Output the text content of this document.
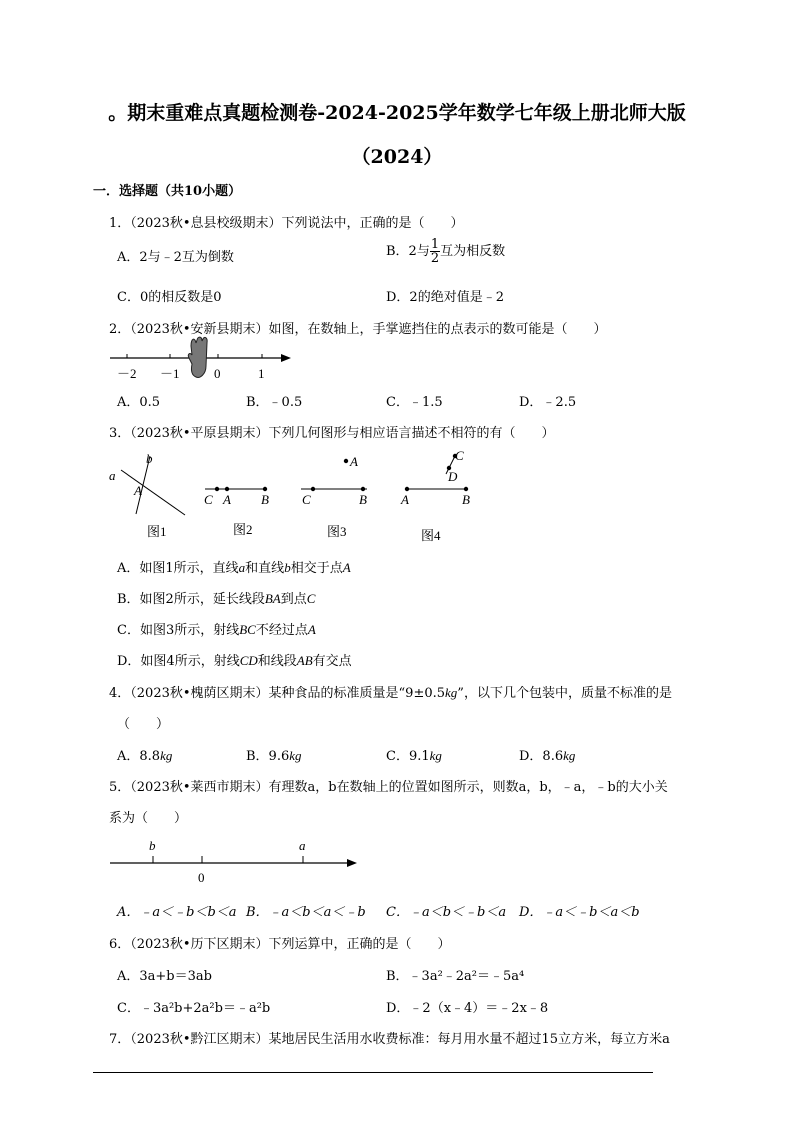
。期末重难点真题检测卷-2024-2025学年数学七年级上册北师大版
（2024）
一．选择题（共10小题）
1．（2023秋•息县校级期末）下列说法中，正确的是（　　）
A．2与﹣2互为倒数	B．2与 $\frac{1}{2}$ 互为相反数
C．0的相反数是0	D．2的绝对值是﹣2
2．（2023秋•安新县期末）如图，在数轴上，手掌遮挡住的点表示的数可能是（　　）
－2 －1	0	1
A．0.5	B．﹣0.5	C．﹣1.5	D．﹣2.5
3．（2023秋•平原县期末）下列几何图形与相应语言描述不相符的有（　　）
a
b
A
C A B
A
C	B
C
D
A	B
图1	图2	图3	图4
A．如图1所示，直线a和直线b相交于点A
B．如图2所示，延长线段BA到点C
C．如图3所示，射线BC不经过点A
D．如图4所示，射线CD和线段AB有交点
4．（2023秋•槐荫区期末）某种食品的标准质量是“9±0.5kg”，以下几个包装中，质量不标准的是
（　　）
A．8.8kg	B．9.6kg	C．9.1kg	D．8.6kg
5．（2023秋•莱西市期末）有理数a，b在数轴上的位置如图所示，则数a，b，﹣a，﹣b的大小关
系为（　　）
b
0
a
A．﹣a＜﹣b＜b＜a B．﹣a＜b＜a＜﹣b C．﹣a＜b＜﹣b＜a D．﹣a＜﹣b＜a＜b
6．（2023秋•历下区期末）下列运算中，正确的是（　　）
A．3a+b＝3ab	B．﹣3a²﹣2a²＝﹣5a⁴
C．﹣3a²b+2a²b＝﹣a²b	D．﹣2（x﹣4）＝﹣2x﹣8
7．（2023秋•黔江区期末）某地居民生活用水收费标准：每月用水量不超过15立方米，每立方米a
